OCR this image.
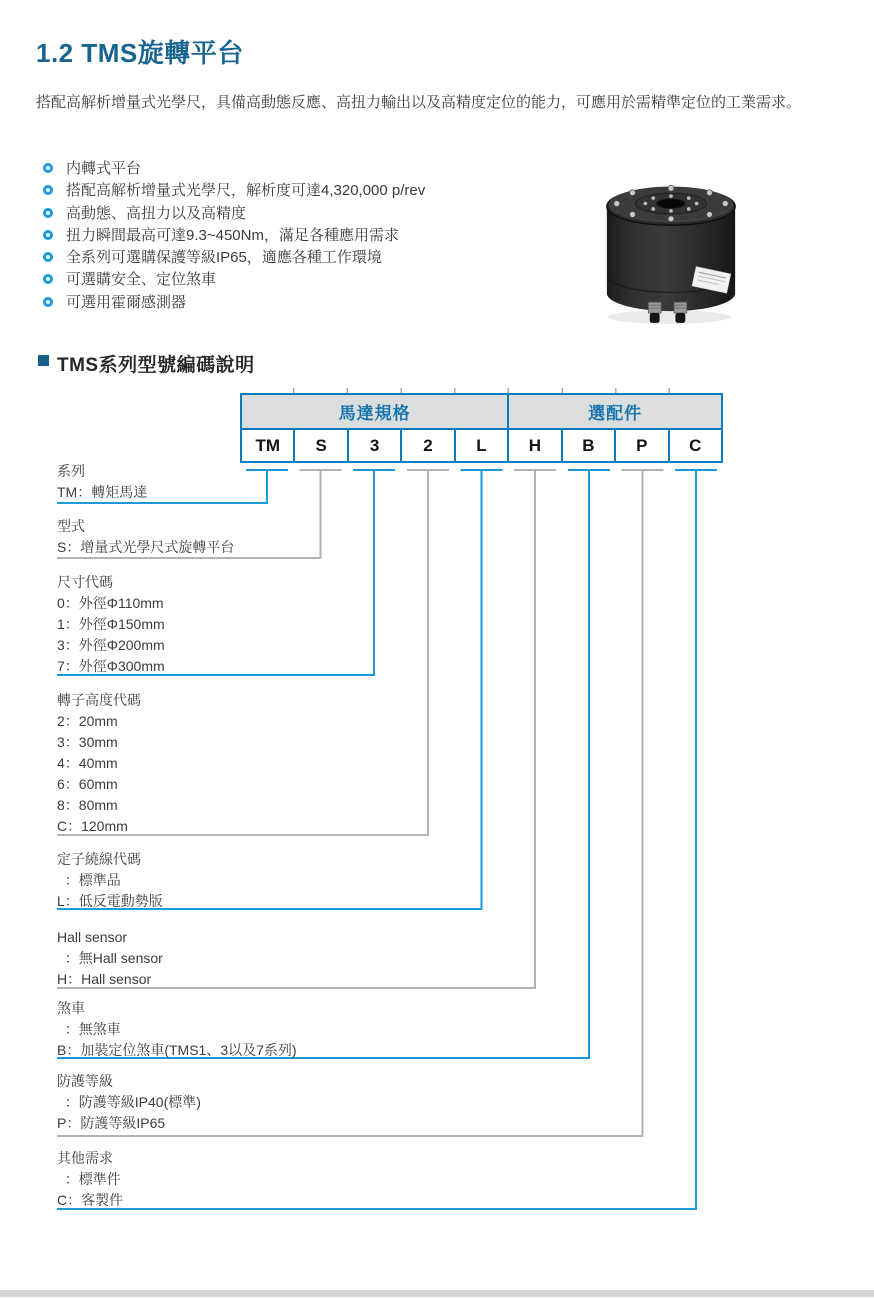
1.2 TMS旋轉平台
搭配高解析增量式光學尺，具備高動態反應、高扭力輸出以及高精度定位的能力，可應用於需精準定位的工業需求。
内轉式平台
搭配高解析增量式光學尺，解析度可達4,320,000 p/rev
高動態、高扭力以及高精度
扭力瞬間最高可達9.3~450Nm，滿足各種應用需求
全系列可選購保護等級IP65，適應各種工作環境
可選購安全、定位煞車
可選用霍爾感測器
TMS系列型號編碼說明
馬達規格					選配件			
TM	S	3	2	L	H	B	P	C
系列
TM：轉矩馬達
型式
S：增量式光學尺式旋轉平台
尺寸代碼
0：外徑Φ110mm
1：外徑Φ150mm
3：外徑Φ200mm
7：外徑Φ300mm
轉子高度代碼
2：20mm
3：30mm
4：40mm
6：60mm
8：80mm
C：120mm
定子繞線代碼
：標準品
L：低反電動勢版
Hall sensor
：無Hall sensor
H：Hall sensor
煞車
：無煞車
B：加裝定位煞車(TMS1、3以及7系列)
防護等級
：防護等級IP40(標準)
P：防護等級IP65
其他需求
：標準件
C：客製件
